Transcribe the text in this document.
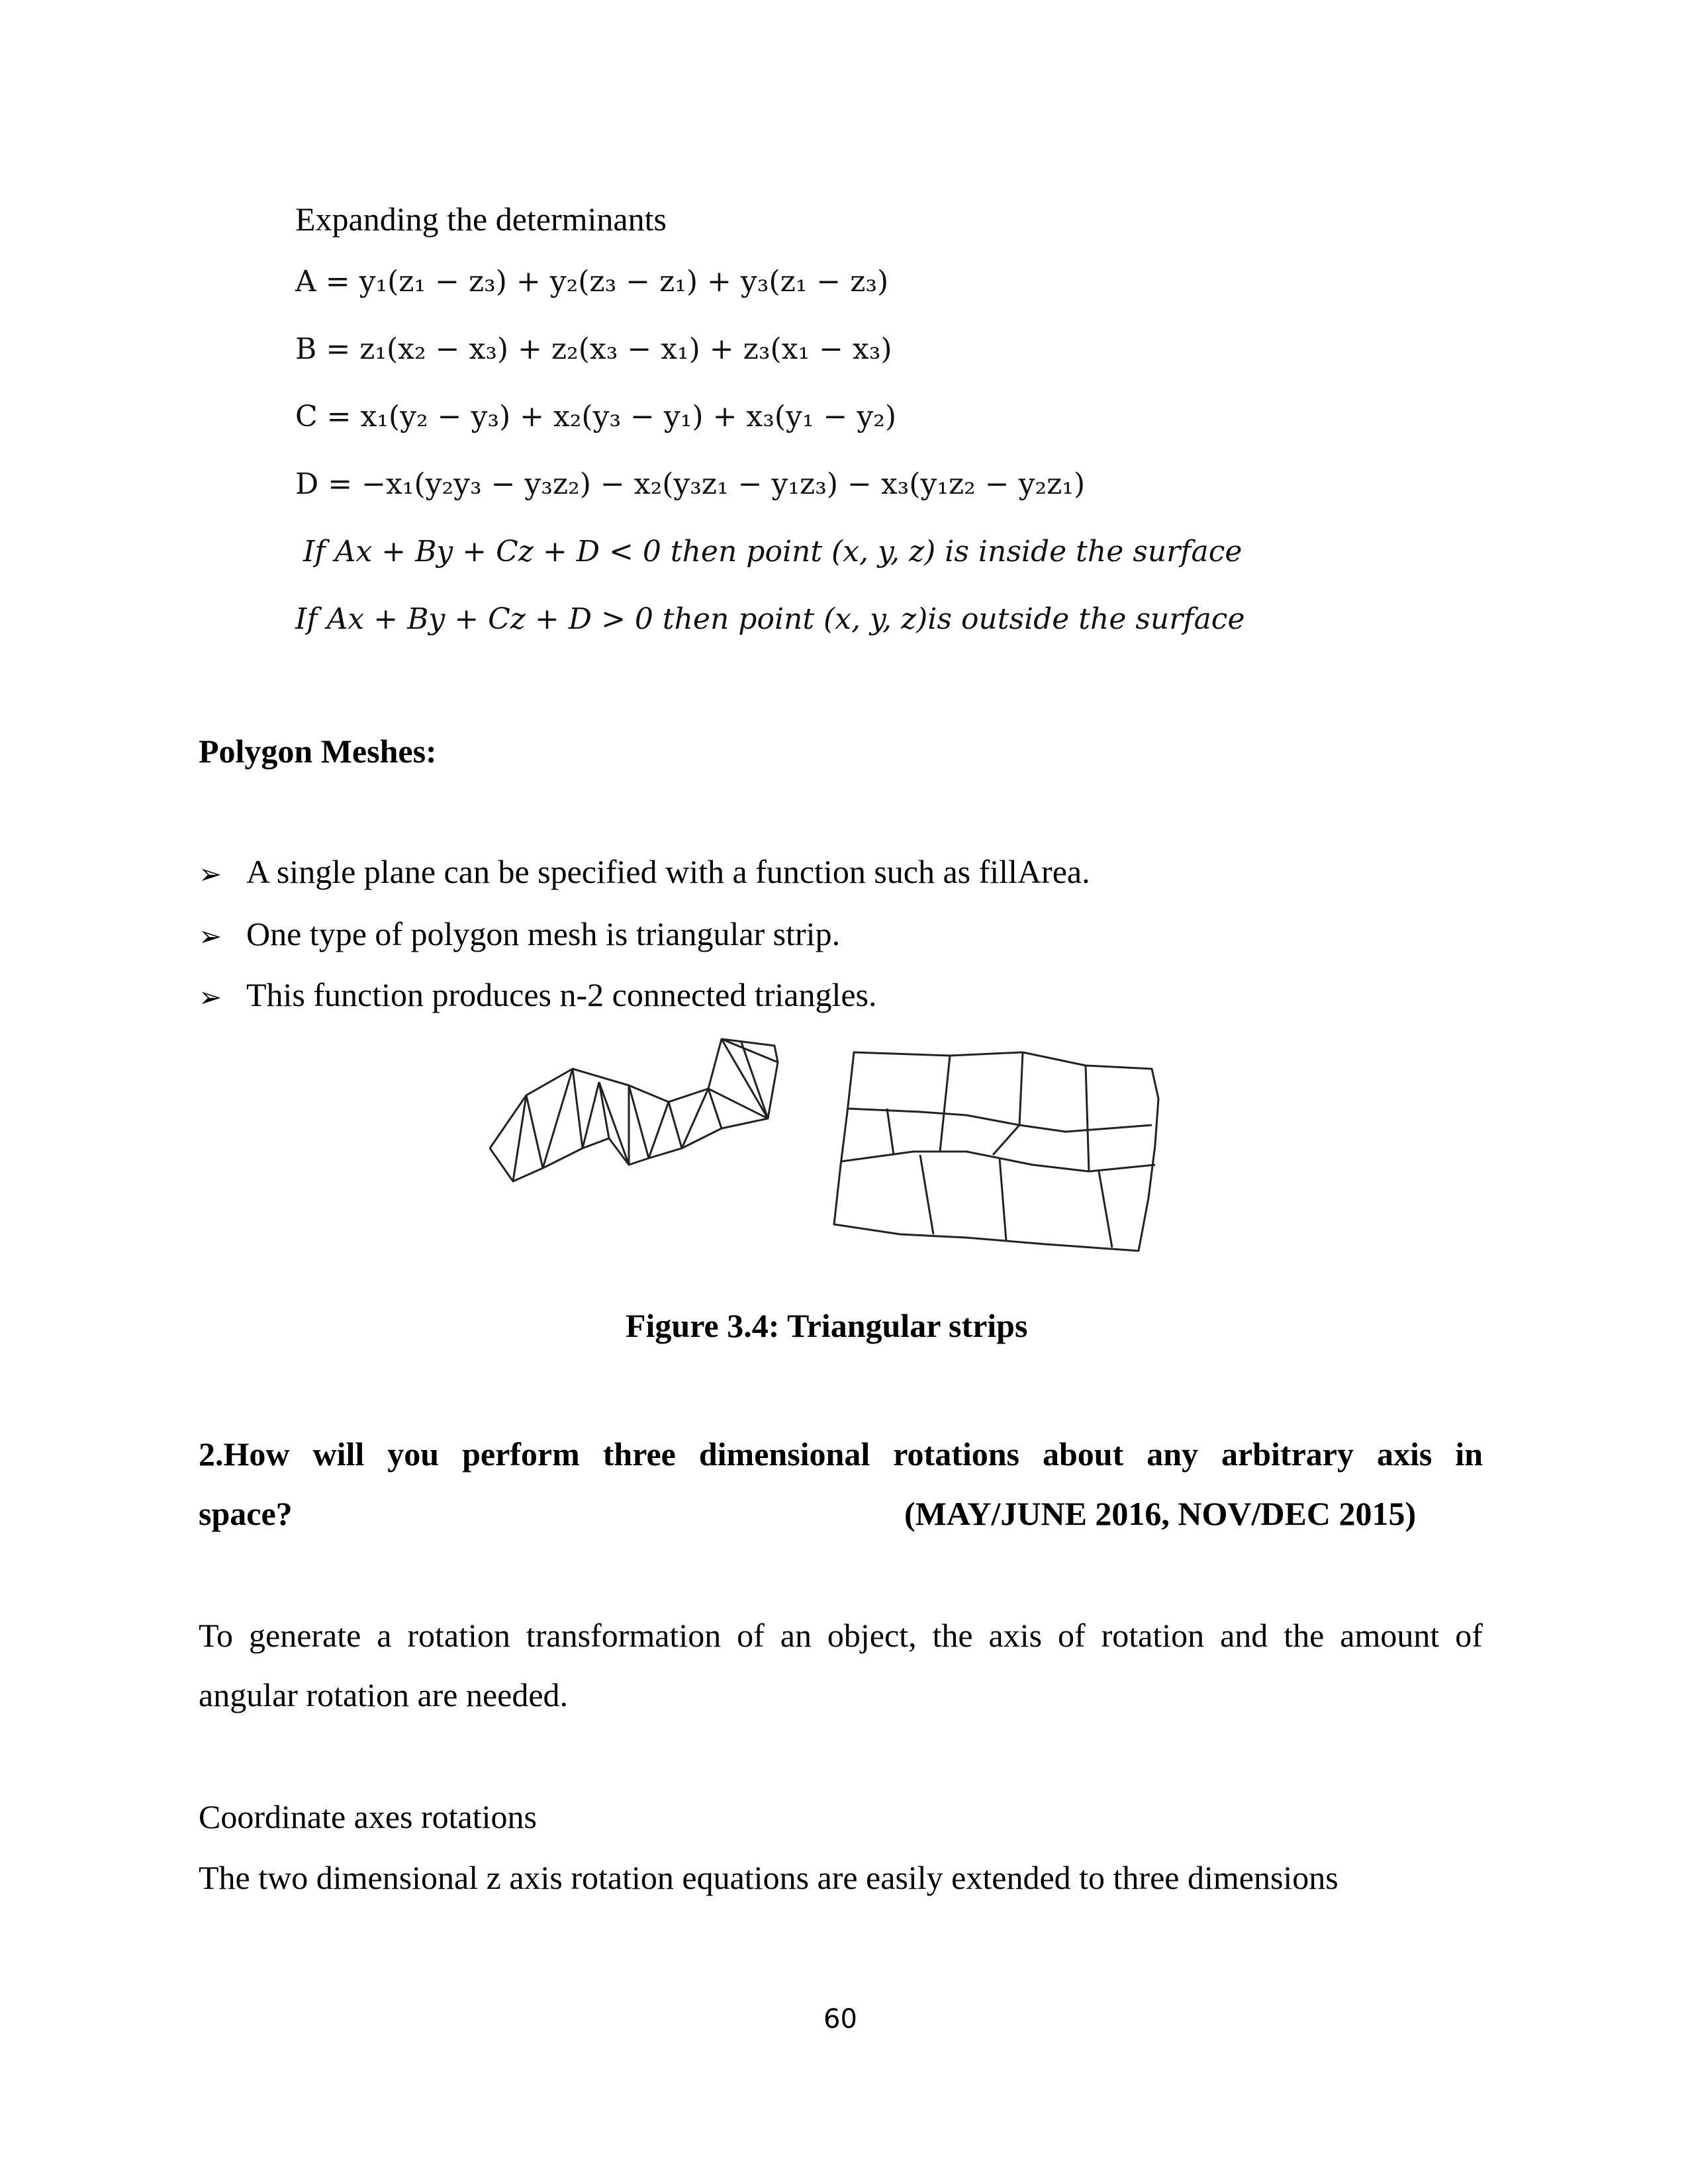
Expanding the determinants
A = y₁(z₁ − z₃) + y₂(z₃ − z₁) + y₃(z₁ − z₃)
B = z₁(x₂ − x₃) + z₂(x₃ − x₁) + z₃(x₁ − x₃)
C = x₁(y₂ − y₃) + x₂(y₃ − y₁) + x₃(y₁ − y₂)
D = −x₁(y₂y₃ − y₃z₂) − x₂(y₃z₁ − y₁z₃) − x₃(y₁z₂ − y₂z₁)
If Ax + By + Cz + D < 0 then point (x, y, z) is inside the surface
If Ax + By + Cz + D > 0 then point (x, y, z)is outside the surface
Polygon Meshes:
➢ A single plane can be specified with a function such as fillArea.
➢ One type of polygon mesh is triangular strip.
➢ This function produces n-2 connected triangles.
Figure 3.4: Triangular strips
2.How will you perform three dimensional rotations about any arbitrary axis in
space?	(MAY/JUNE 2016, NOV/DEC 2015)
To generate a rotation transformation of an object, the axis of rotation and the amount of
angular rotation are needed.
Coordinate axes rotations
The two dimensional z axis rotation equations are easily extended to three dimensions
60
